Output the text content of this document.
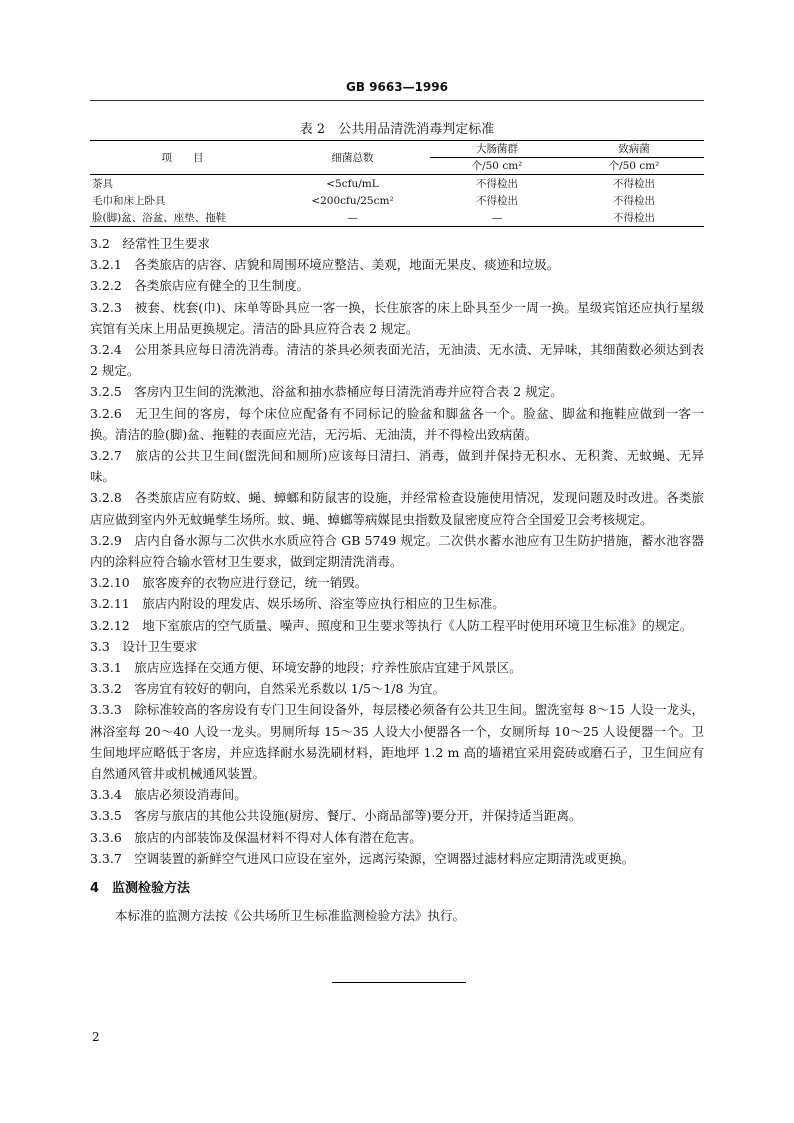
GB 9663—1996
表 2　公共用品清洗消毒判定标准
项　　目	细菌总数	大肠菌群	致病菌
		个/50 cm²	个/50 cm²
茶具	<5cfu/mL	不得检出	不得检出
毛巾和床上卧具	<200cfu/25cm²	不得检出	不得检出
脸(脚)盆、浴盆、座垫、拖鞋	—	—	不得检出

3.2　经常性卫生要求

3.2.1　各类旅店的店容、店貌和周围环境应整洁、美观，地面无果皮、痰迹和垃圾。

3.2.2　各类旅店应有健全的卫生制度。

3.2.3　被套、枕套(巾)、床单等卧具应一客一换，长住旅客的床上卧具至少一周一换。星级宾馆还应执行星级宾馆有关床上用品更换规定。清洁的卧具应符合表 2 规定。

3.2.4　公用茶具应每日清洗消毒。清洁的茶具必须表面光洁，无油渍、无水渍、无异味，其细菌数必须达到表 2 规定。

3.2.5　客房内卫生间的洗漱池、浴盆和抽水恭桶应每日清洗消毒并应符合表 2 规定。

3.2.6　无卫生间的客房，每个床位应配备有不同标记的脸盆和脚盆各一个。脸盆、脚盆和拖鞋应做到一客一换。清洁的脸(脚)盆、拖鞋的表面应光洁，无污垢、无油渍，并不得检出致病菌。

3.2.7　旅店的公共卫生间(盥洗间和厕所)应该每日清扫、消毒，做到并保持无积水、无积粪、无蚊蝇、无异味。

3.2.8　各类旅店应有防蚊、蝇、蟑螂和防鼠害的设施，并经常检查设施使用情况，发现问题及时改进。各类旅店应做到室内外无蚊蝇孳生场所。蚊、蝇、蟑螂等病媒昆虫指数及鼠密度应符合全国爱卫会考核规定。

3.2.9　店内自备水源与二次供水水质应符合 GB 5749 规定。二次供水蓄水池应有卫生防护措施，蓄水池容器内的涂料应符合输水管材卫生要求，做到定期清洗消毒。

3.2.10　旅客废弃的衣物应进行登记，统一销毁。

3.2.11　旅店内附设的理发店、娱乐场所、浴室等应执行相应的卫生标准。

3.2.12　地下室旅店的空气质量、噪声、照度和卫生要求等执行《人防工程平时使用环境卫生标准》的规定。

3.3　设计卫生要求

3.3.1　旅店应选择在交通方便、环境安静的地段；疗养性旅店宜建于风景区。

3.3.2　客房宜有较好的朝向，自然采光系数以 1/5～1/8 为宜。

3.3.3　除标准较高的客房设有专门卫生间设备外，每层楼必须备有公共卫生间。盥洗室每 8～15 人设一龙头，淋浴室每 20～40 人设一龙头。男厕所每 15～35 人设大小便器各一个，女厕所每 10～25 人设便器一个。卫生间地坪应略低于客房，并应选择耐水易洗刷材料，距地坪 1.2 m 高的墙裙宜采用瓷砖或磨石子，卫生间应有自然通风管井或机械通风装置。

3.3.4　旅店必须设消毒间。

3.3.5　客房与旅店的其他公共设施(厨房、餐厅、小商品部等)要分开，并保持适当距离。

3.3.6　旅店的内部装饰及保温材料不得对人体有潜在危害。

3.3.7　空调装置的新鲜空气进风口应设在室外，远离污染源，空调器过滤材料应定期清洗或更换。

4　监测检验方法

本标准的监测方法按《公共场所卫生标准监测检验方法》执行。

2
